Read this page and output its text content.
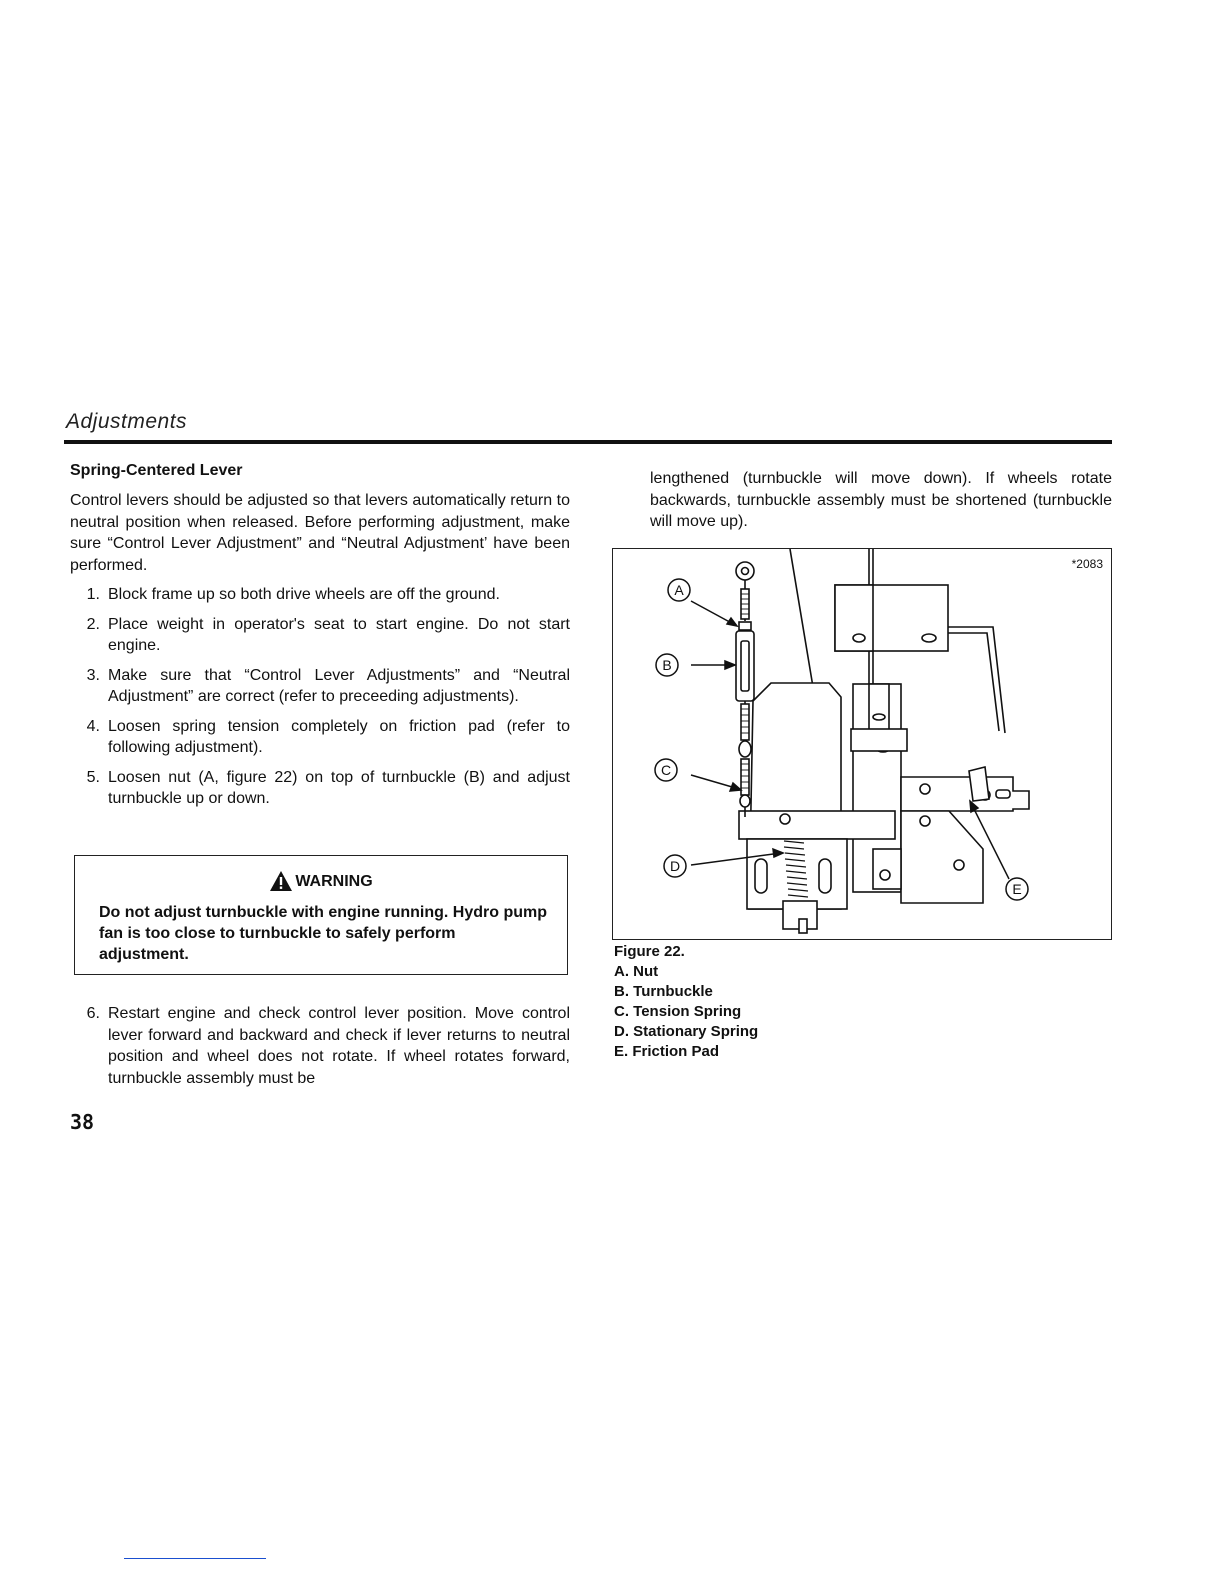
Adjustments
Spring-Centered Lever

Control levers should be adjusted so that levers automatically return to neutral position when released. Before performing adjustment, make sure “Control Lever Adjustment” and “Neutral Adjustment’ have been performed.

1. Block frame up so both drive wheels are off the ground.
2. Place weight in operator's seat to start engine. Do not start engine.
3. Make sure that “Control Lever Adjustments” and “Neutral Adjustment” are correct (refer to preceeding adjustments).
4. Loosen spring tension completely on friction pad (refer to following adjustment).
5. Loosen nut (A, figure 22) on top of turnbuckle (B) and adjust turnbuckle up or down.
WARNING
Do not adjust turnbuckle with engine running. Hydro pump fan is too close to turnbuckle to safely perform adjustment.
6. Restart engine and check control lever position. Move control lever forward and backward and check if lever returns to neutral position and wheel does not rotate. If wheel rotates forward, turnbuckle assembly must be

lengthened (turnbuckle will move down). If wheels rotate backwards, turnbuckle assembly must be shortened (turnbuckle will move up).

A
B
C
D
E
*2083
Figure 22.
A. Nut
B. Turnbuckle
C. Tension Spring
D. Stationary Spring
E. Friction Pad
38
